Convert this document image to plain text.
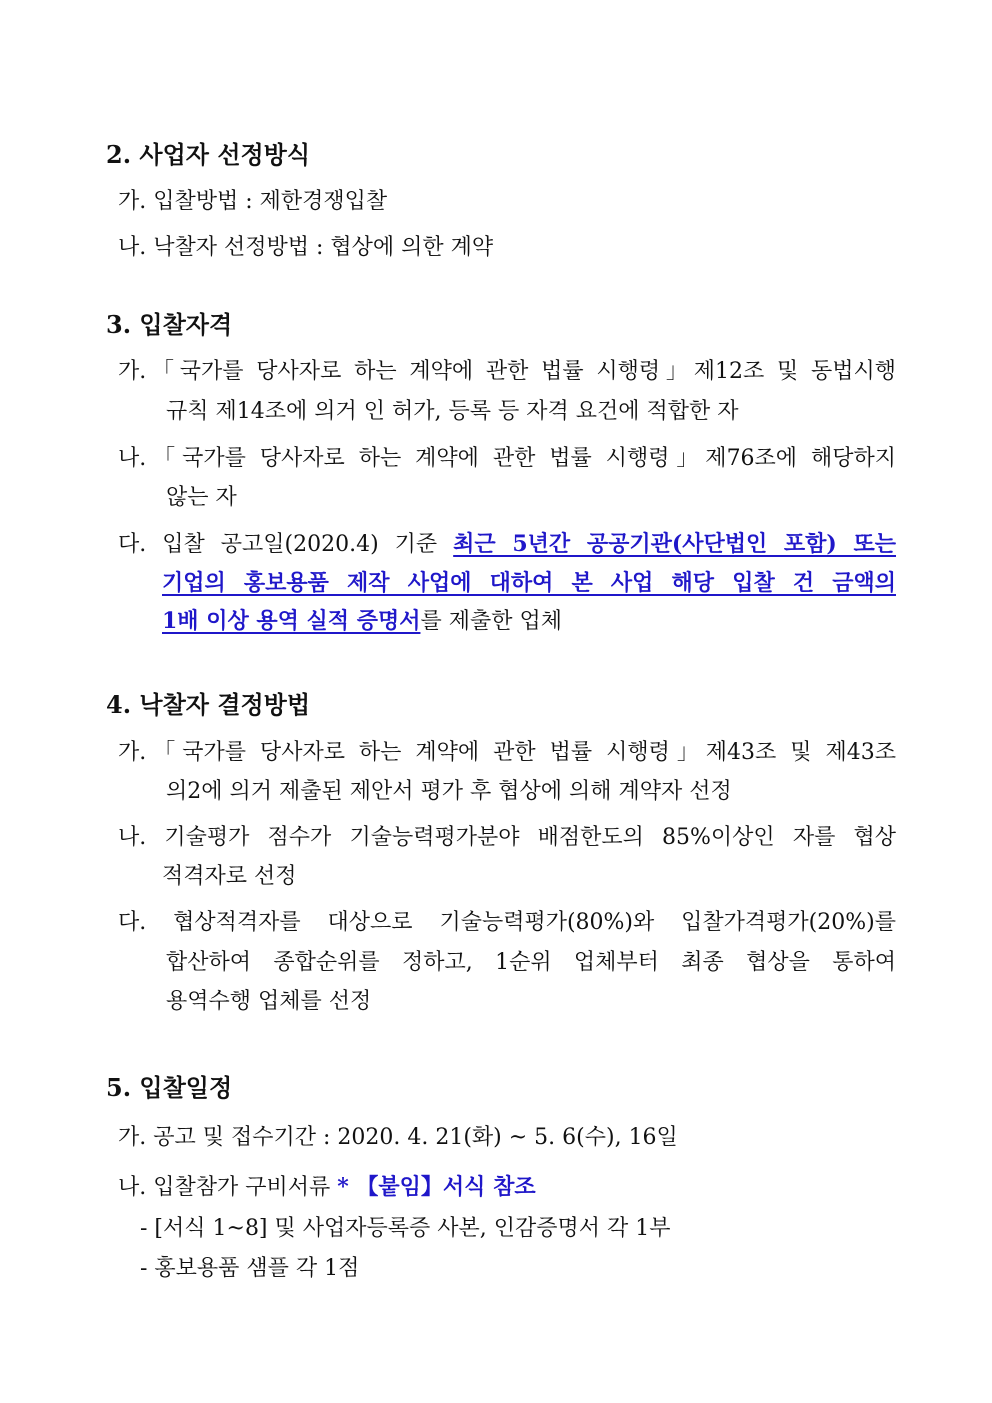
2. 사업자 선정방식
가. 입찰방법 : 제한경쟁입찰
나. 낙찰자 선정방법 : 협상에 의한 계약
3. 입찰자격
가.「국가를 당사자로 하는 계약에 관한 법률 시행령」제12조 및 동법시행
규칙 제14조에 의거 인 허가, 등록 등 자격 요건에 적합한 자
나.「국가를 당사자로 하는 계약에 관한 법률 시행령」제76조에 해당하지
않는 자
다. 입찰 공고일(2020.4) 기준 최근 5년간 공공기관(사단법인 포함) 또는
기업의 홍보용품 제작 사업에 대하여 본 사업 해당 입찰 건 금액의
1배 이상 용역 실적 증명서를 제출한 업체
4. 낙찰자 결정방법
가.「국가를 당사자로 하는 계약에 관한 법률 시행령」제43조 및 제43조
의2에 의거 제출된 제안서 평가 후 협상에 의해 계약자 선정
나. 기술평가 점수가 기술능력평가분야 배점한도의 85%이상인 자를 협상
적격자로 선정
다. 협상적격자를 대상으로 기술능력평가(80%)와 입찰가격평가(20%)를
합산하여 종합순위를 정하고, 1순위 업체부터 최종 협상을 통하여
용역수행 업체를 선정
5. 입찰일정
가. 공고 및 접수기간 : 2020. 4. 21(화) ~ 5. 6(수), 16일
나. 입찰참가 구비서류 * 【붙임】서식 참조
- [서식 1~8] 및 사업자등록증 사본, 인감증명서 각 1부
- 홍보용품 샘플 각 1점
